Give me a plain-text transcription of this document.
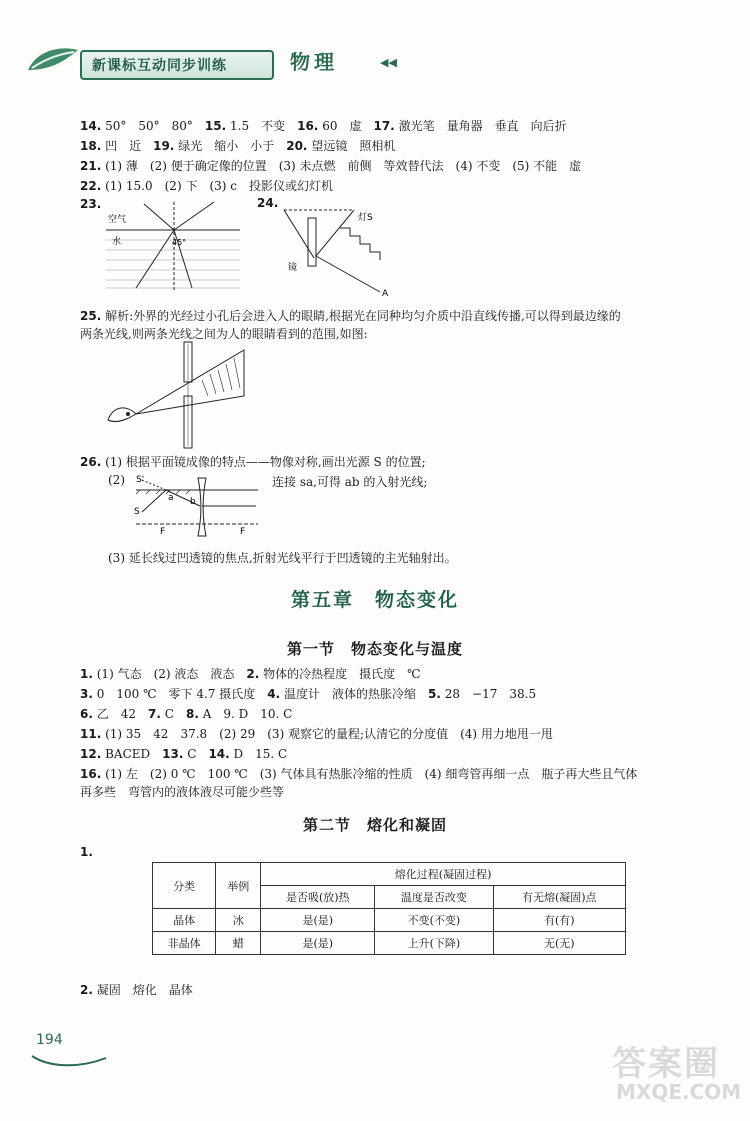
新课标互动同步训练	物理	◀◀
14. 50°　50°　80°　15. 1.5　不变　16. 60　虚　17. 激光笔　量角器　垂直　向后折
18. 凹　近　19. 绿光　缩小　小于　20. 望远镜　照相机
21. (1) 薄　(2) 便于确定像的位置　(3) 未点燃　前侧　等效替代法　(4) 不变　(5) 不能　虚
22. (1) 15.0　(2) 下　(3) c　投影仪或幻灯机
23.
空气
水	45°
24.
灯S
镜
A
25. 解析:外界的光经过小孔后会进入人的眼睛,根据光在同种均匀介质中沿直线传播,可以得到最边缘的
两条光线,则两条光线之间为人的眼睛看到的范围,如图:
26. (1) 根据平面镜成像的特点——物像对称,画出光源 S 的位置;
(2)	连接 sa,可得 ab 的入射光线;
S'
S
a b
F	F
(3) 延长线过凹透镜的焦点,折射光线平行于凹透镜的主光轴射出。
第五章　物态变化
第一节　物态变化与温度
1. (1) 气态　(2) 液态　液态　2. 物体的冷热程度　摄氏度　℃
3. 0　100 ℃　零下 4.7 摄氏度　4. 温度计　液体的热胀冷缩　5. 28　−17　38.5
6. 乙　42　7. C　8. A　9. D　10. C
11. (1) 35　42　37.8　(2) 29　(3) 观察它的量程;认清它的分度值　(4) 用力地甩一甩
12. BACED　13. C　14. D　15. C
16. (1) 左　(2) 0 ℃　100 ℃　(3) 气体具有热胀冷缩的性质　(4) 细弯管再细一点　瓶子再大些且气体
再多些　弯管内的液体液尽可能少些等
第二节　熔化和凝固
1.
分类	举例	熔化过程(凝固过程)		
		是否吸(放)热	温度是否改变	有无熔(凝固)点
晶体	冰	是(是)	不变(不变)	有(有)
非晶体	蜡	是(是)	上升(下降)	无(无)
2. 凝固　熔化　晶体
194
答案圈
MXQE.COM
